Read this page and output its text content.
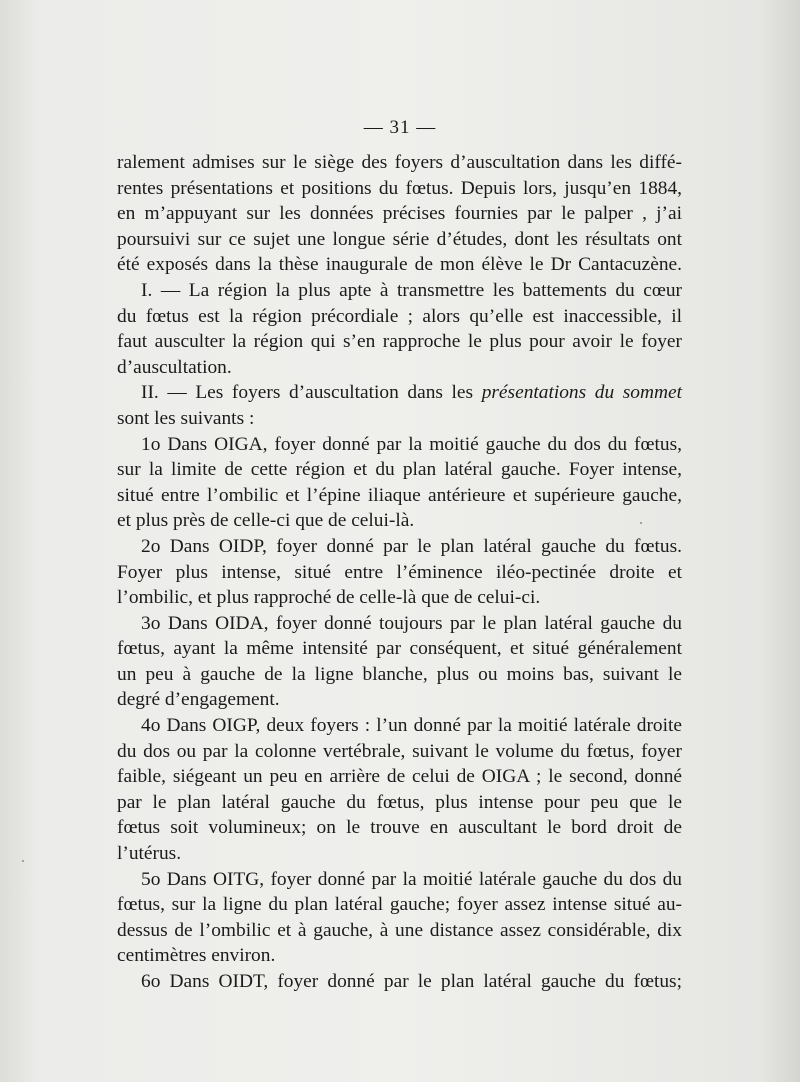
— 31 —
ralement admises sur le siège des foyers d’auscultation dans les diffé-
rentes présentations et positions du fœtus. Depuis lors, jusqu’en 1884,
en m’appuyant sur les données précises fournies par le palper , j’ai
poursuivi sur ce sujet une longue série d’études, dont les résultats ont
été exposés dans la thèse inaugurale de mon élève le Dr Cantacuzène.
I. — La région la plus apte à transmettre les battements du cœur
du fœtus est la région précordiale ; alors qu’elle est inaccessible, il
faut ausculter la région qui s’en rapproche le plus pour avoir le foyer
d’auscultation.
II. — Les foyers d’auscultation dans les présentations du sommet
sont les suivants :
1o Dans OIGA, foyer donné par la moitié gauche du dos du fœtus,
sur la limite de cette région et du plan latéral gauche. Foyer intense,
situé entre l’ombilic et l’épine iliaque antérieure et supérieure gauche,
et plus près de celle-ci que de celui-là.
2o Dans OIDP, foyer donné par le plan latéral gauche du fœtus.
Foyer plus intense, situé entre l’éminence iléo-pectinée droite et
l’ombilic, et plus rapproché de celle-là que de celui-ci.
3o Dans OIDA, foyer donné toujours par le plan latéral gauche du
fœtus, ayant la même intensité par conséquent, et situé généralement
un peu à gauche de la ligne blanche, plus ou moins bas, suivant le
degré d’engagement.
4o Dans OIGP, deux foyers : l’un donné par la moitié latérale droite
du dos ou par la colonne vertébrale, suivant le volume du fœtus, foyer
faible, siégeant un peu en arrière de celui de OIGA ; le second, donné
par le plan latéral gauche du fœtus, plus intense pour peu que le
fœtus soit volumineux; on le trouve en auscultant le bord droit de
l’utérus.
5o Dans OITG, foyer donné par la moitié latérale gauche du dos du
fœtus, sur la ligne du plan latéral gauche; foyer assez intense situé au-
dessus de l’ombilic et à gauche, à une distance assez considérable, dix
centimètres environ.
6o Dans OIDT, foyer donné par le plan latéral gauche du fœtus;
